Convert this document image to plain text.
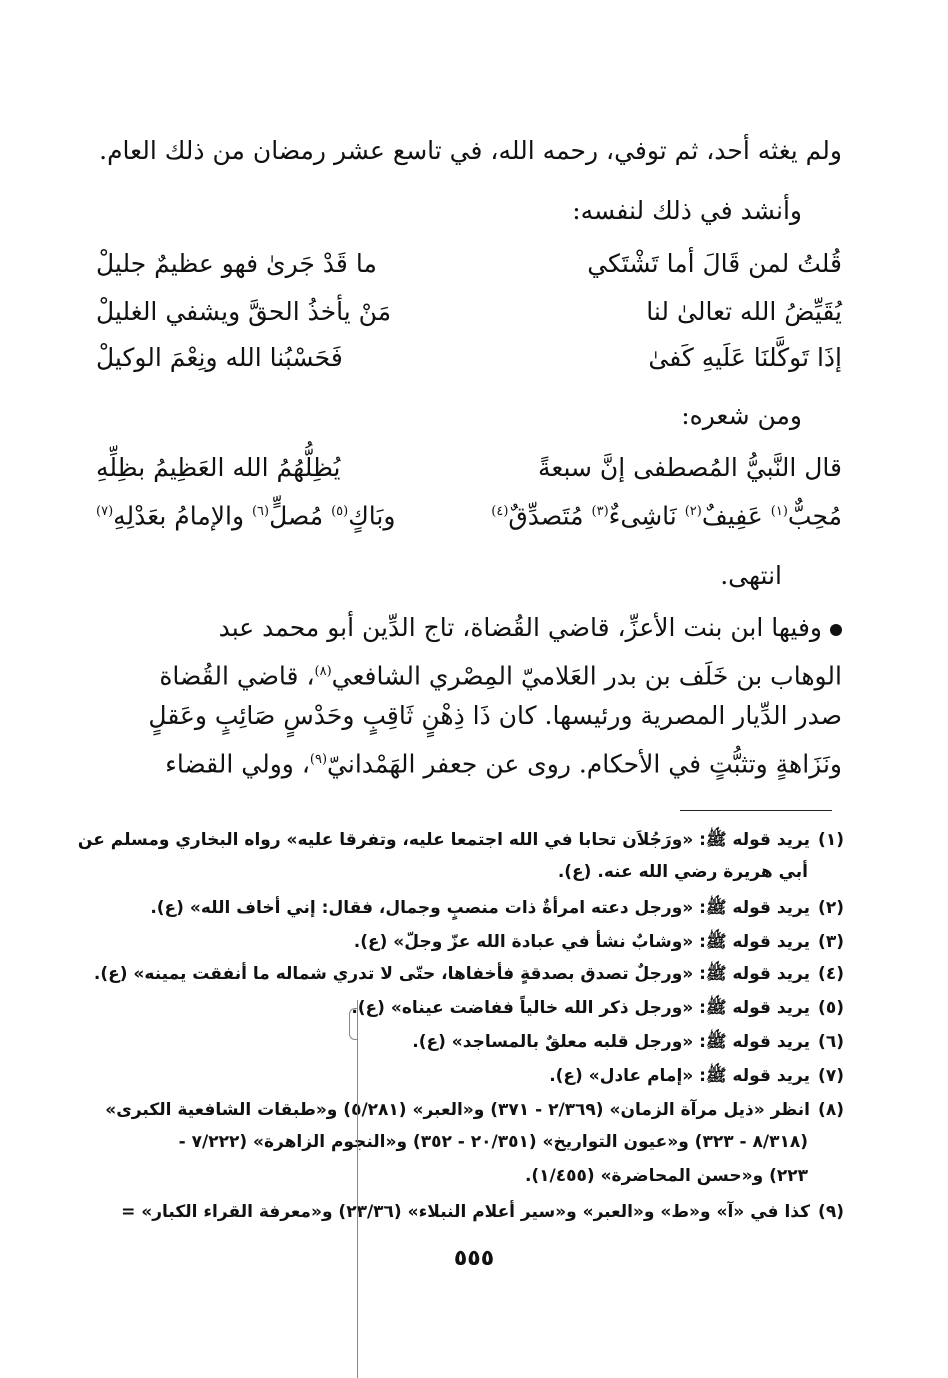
ولم يغثه أحد، ثم توفي، رحمه الله، في تاسع عشر رمضان من ذلك العام.
وأنشد في ذلك لنفسه:
قُلتُ لمن قَالَ أما تَشْتَكي
ما قَدْ جَرىٰ فهو عظيمٌ جليلْ
يُقَيِّضُ الله تعالىٰ لنا
مَنْ يأخذُ الحقَّ ويشفي الغليلْ
إذَا تَوكَّلنَا عَلَيهِ كَفىٰ
فَحَسْبُنا الله ونِعْمَ الوكيلْ
ومن شعره:
قال النَّبيُّ المُصطفى إنَّ سبعةً
يُظِلُّهُمُ الله العَظِيمُ بظِلِّهِ
مُحِبٌّ$^{(١)}$ عَفِيفٌ$^{(٢)}$ نَاشِىءٌ$^{(٣)}$ مُتَصدِّقٌ$^{(٤)}$
وبَاكٍ$^{(٥)}$ مُصلٍّ$^{(٦)}$ والإمامُ بعَدْلِهِ$^{(٧)}$
انتهى.
وفيها ابن بنت الأعزِّ، قاضي القُضاة، تاج الدِّين أبو محمد عبد
الوهاب بن خَلَف بن بدر العَلاميّ المِصْري الشافعي$^{(٨)}$، قاضي القُضاة
صدر الدِّيار المصرية ورئيسها. كان ذَا ذِهْنٍ ثَاقِبٍ وحَدْسٍ صَائِبٍ وعَقلٍ
ونَزَاهةٍ وتثبُّتٍ في الأحكام. روى عن جعفر الهَمْدانيّ$^{(٩)}$، وولي القضاء
(١)يريد قوله ﷺ: «ورَجُلاَن تحابا في الله اجتمعا عليه، وتفرقا عليه» رواه البخاري ومسلم عن
أبي هريرة رضي الله عنه. (ع).
(٢)يريد قوله ﷺ: «ورجل دعته امرأةٌ ذات منصبٍ وجمال، فقال: إني أخاف الله» (ع).
(٣)يريد قوله ﷺ: «وشابٌ نشأ في عبادة الله عزّ وجلّ» (ع).
(٤)يريد قوله ﷺ: «ورجلٌ تصدق بصدقةٍ فأخفاها، حتّى لا تدري شماله ما أنفقت يمينه» (ع).
(٥)يريد قوله ﷺ: «ورجل ذكر الله خالياً ففاضت عيناه» (ع).
(٦)يريد قوله ﷺ: «ورجل قلبه معلقٌ بالمساجد» (ع).
(٧)يريد قوله ﷺ: «إمام عادل» (ع).
(٨)انظر «ذيل مرآة الزمان» (٢/٣٦٩ - ٣٧١) و«العبر» (٥/٢٨١) و«طبقات الشافعية الكبرى»
(٨/٣١٨ - ٣٢٣) و«عيون التواريخ» (٢٠/٣٥١ - ٣٥٢) و«النجوم الزاهرة» (٧/٢٢٢ -
٢٢٣) و«حسن المحاضرة» (١/٤٥٥).
(٩)كذا في «آ» و«ط» و«العبر» و«سير أعلام النبلاء» (٢٣/٣٦) و«معرفة القراء الكبار» =
٥٥٥
